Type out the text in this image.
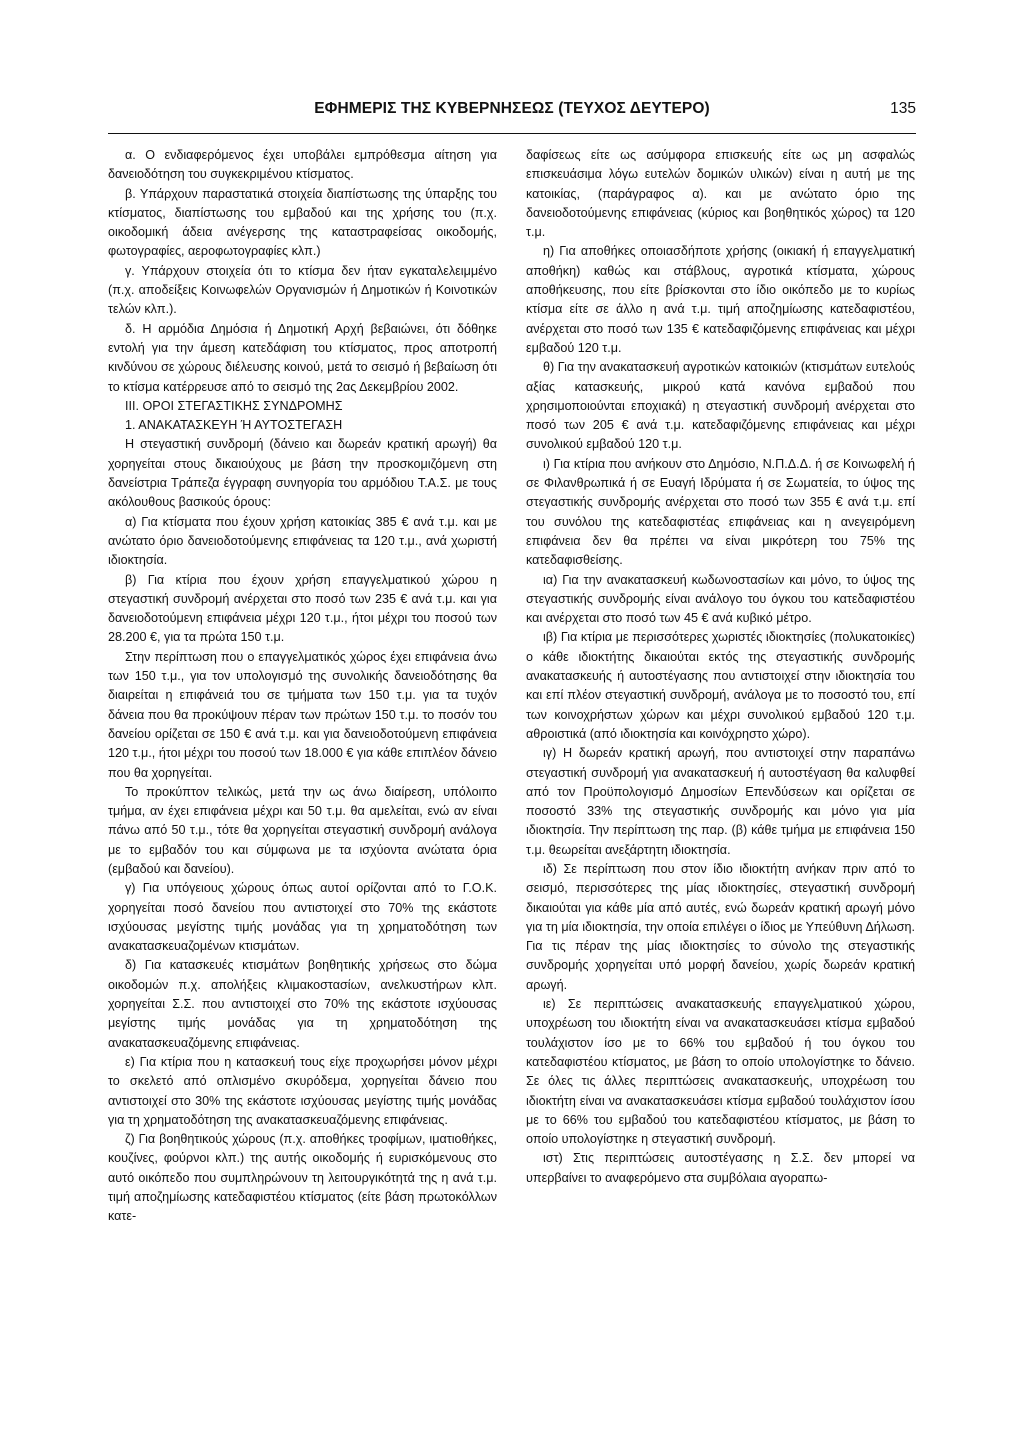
ΕΦΗΜΕΡΙΣ ΤΗΣ ΚΥΒΕΡΝΗΣΕΩΣ (ΤΕΥΧΟΣ ΔΕΥΤΕΡΟ)	135

α. Ο ενδιαφερόμενος έχει υποβάλει εμπρόθεσμα αίτηση για δανειοδότηση του συγκεκριμένου κτίσματος.

β. Υπάρχουν παραστατικά στοιχεία διαπίστωσης της ύπαρξης του κτίσματος, διαπίστωσης του εμβαδού και της χρήσης του (π.χ. οικοδομική άδεια ανέγερσης της καταστραφείσας οικοδομής, φωτογραφίες, αεροφωτογραφίες κλπ.)

γ. Υπάρχουν στοιχεία ότι το κτίσμα δεν ήταν εγκαταλελειμμένο (π.χ. αποδείξεις Κοινωφελών Οργανισμών ή Δημοτικών ή Κοινοτικών τελών κλπ.).

δ. Η αρμόδια Δημόσια ή Δημοτική Αρχή βεβαιώνει, ότι δόθηκε εντολή για την άμεση κατεδάφιση του κτίσματος, προς αποτροπή κινδύνου σε χώρους διέλευσης κοινού, μετά το σεισμό ή βεβαίωση ότι το κτίσμα κατέρρευσε από το σεισμό της 2ας Δεκεμβρίου 2002.

ΙΙΙ. ΟΡΟΙ ΣΤΕΓΑΣΤΙΚΗΣ ΣΥΝΔΡΟΜΗΣ

1. ΑΝΑΚΑΤΑΣΚΕΥΗ Ή ΑΥΤΟΣΤΕΓΑΣΗ

Η στεγαστική συνδρομή (δάνειο και δωρεάν κρατική αρωγή) θα χορηγείται στους δικαιούχους με βάση την προσκομιζόμενη στη δανείστρια Τράπεζα έγγραφη συνηγορία του αρμόδιου Τ.Α.Σ. με τους ακόλουθους βασικούς όρους:

α) Για κτίσματα που έχουν χρήση κατοικίας 385 € ανά τ.μ. και με ανώτατο όριο δανειοδοτούμενης επιφάνειας τα 120 τ.μ., ανά χωριστή ιδιοκτησία.

β) Για κτίρια που έχουν χρήση επαγγελματικού χώρου η στεγαστική συνδρομή ανέρχεται στο ποσό των 235 € ανά τ.μ. και για δανειοδοτούμενη επιφάνεια μέχρι 120 τ.μ., ήτοι μέχρι του ποσού των 28.200 €, για τα πρώτα 150 τ.μ.

Στην περίπτωση που ο επαγγελματικός χώρος έχει επιφάνεια άνω των 150 τ.μ., για τον υπολογισμό της συνολικής δανειοδότησης θα διαιρείται η επιφάνειά του σε τμήματα των 150 τ.μ. για τα τυχόν δάνεια που θα προκύψουν πέραν των πρώτων 150 τ.μ. το ποσόν του δανείου ορίζεται σε 150 € ανά τ.μ. και για δανειοδοτούμενη επιφάνεια 120 τ.μ., ήτοι μέχρι του ποσού των 18.000 € για κάθε επιπλέον δάνειο που θα χορηγείται.

Το προκύπτον τελικώς, μετά την ως άνω διαίρεση, υπόλοιπο τμήμα, αν έχει επιφάνεια μέχρι και 50 τ.μ. θα αμελείται, ενώ αν είναι πάνω από 50 τ.μ., τότε θα χορηγείται στεγαστική συνδρομή ανάλογα με το εμβαδόν του και σύμφωνα με τα ισχύοντα ανώτατα όρια (εμβαδού και δανείου).

γ) Για υπόγειους χώρους όπως αυτοί ορίζονται από το Γ.Ο.Κ. χορηγείται ποσό δανείου που αντιστοιχεί στο 70% της εκάστοτε ισχύουσας μεγίστης τιμής μονάδας για τη χρηματοδότηση των ανακατασκευαζομένων κτισμάτων.

δ) Για κατασκευές κτισμάτων βοηθητικής χρήσεως στο δώμα οικοδομών π.χ. απολήξεις κλιμακοστασίων, ανελκυστήρων κλπ. χορηγείται Σ.Σ. που αντιστοιχεί στο 70% της εκάστοτε ισχύουσας μεγίστης τιμής μονάδας για τη χρηματοδότηση της ανακατασκευαζόμενης επιφάνειας.

ε) Για κτίρια που η κατασκευή τους είχε προχωρήσει μόνον μέχρι το σκελετό από οπλισμένο σκυρόδεμα, χορηγείται δάνειο που αντιστοιχεί στο 30% της εκάστοτε ισχύουσας μεγίστης τιμής μονάδας για τη χρηματοδότηση της ανακατασκευαζόμενης επιφάνειας.

ζ) Για βοηθητικούς χώρους (π.χ. αποθήκες τροφίμων, ιματιοθήκες, κουζίνες, φούρνοι κλπ.) της αυτής οικοδομής ή ευρισκόμενους στο αυτό οικόπεδο που συμπληρώνουν τη λειτουργικότητά της η ανά τ.μ. τιμή αποζημίωσης κατεδαφιστέου κτίσματος (είτε βάση πρωτοκόλλων κατε-

δαφίσεως είτε ως ασύμφορα επισκευής είτε ως μη ασφαλώς επισκευάσιμα λόγω ευτελών δομικών υλικών) είναι η αυτή με της κατοικίας, (παράγραφος α). και με ανώτατο όριο της δανειοδοτούμενης επιφάνειας (κύριος και βοηθητικός χώρος) τα 120 τ.μ.

η) Για αποθήκες οποιασδήποτε χρήσης (οικιακή ή επαγγελματική αποθήκη) καθώς και στάβλους, αγροτικά κτίσματα, χώρους αποθήκευσης, που είτε βρίσκονται στο ίδιο οικόπεδο με το κυρίως κτίσμα είτε σε άλλο η ανά τ.μ. τιμή αποζημίωσης κατεδαφιστέου, ανέρχεται στο ποσό των 135 € κατεδαφιζόμενης επιφάνειας και μέχρι εμβαδού 120 τ.μ.

θ) Για την ανακατασκευή αγροτικών κατοικιών (κτισμάτων ευτελούς αξίας κατασκευής, μικρού κατά κανόνα εμβαδού που χρησιμοποιούνται εποχιακά) η στεγαστική συνδρομή ανέρχεται στο ποσό των 205 € ανά τ.μ. κατεδαφιζόμενης επιφάνειας και μέχρι συνολικού εμβαδού 120 τ.μ.

ι) Για κτίρια που ανήκουν στο Δημόσιο, Ν.Π.Δ.Δ. ή σε Κοινωφελή ή σε Φιλανθρωπικά ή σε Ευαγή Ιδρύματα ή σε Σωματεία, το ύψος της στεγαστικής συνδρομής ανέρχεται στο ποσό των 355 € ανά τ.μ. επί του συνόλου της κατεδαφιστέας επιφάνειας και η ανεγειρόμενη επιφάνεια δεν θα πρέπει να είναι μικρότερη του 75% της κατεδαφισθείσης.

ια) Για την ανακατασκευή κωδωνοστασίων και μόνο, το ύψος της στεγαστικής συνδρομής είναι ανάλογο του όγκου του κατεδαφιστέου και ανέρχεται στο ποσό των 45 € ανά κυβικό μέτρο.

ιβ) Για κτίρια με περισσότερες χωριστές ιδιοκτησίες (πολυκατοικίες) ο κάθε ιδιοκτήτης δικαιούται εκτός της στεγαστικής συνδρομής ανακατασκευής ή αυτοστέγασης που αντιστοιχεί στην ιδιοκτησία του και επί πλέον στεγαστική συνδρομή, ανάλογα με το ποσοστό του, επί των κοινοχρήστων χώρων και μέχρι συνολικού εμβαδού 120 τ.μ. αθροιστικά (από ιδιοκτησία και κοινόχρηστο χώρο).

ιγ) Η δωρεάν κρατική αρωγή, που αντιστοιχεί στην παραπάνω στεγαστική συνδρομή για ανακατασκευή ή αυτοστέγαση θα καλυφθεί από τον Προϋπολογισμό Δημοσίων Επενδύσεων και ορίζεται σε ποσοστό 33% της στεγαστικής συνδρομής και μόνο για μία ιδιοκτησία. Την περίπτωση της παρ. (β) κάθε τμήμα με επιφάνεια 150 τ.μ. θεωρείται ανεξάρτητη ιδιοκτησία.

ιδ) Σε περίπτωση που στον ίδιο ιδιοκτήτη ανήκαν πριν από το σεισμό, περισσότερες της μίας ιδιοκτησίες, στεγαστική συνδρομή δικαιούται για κάθε μία από αυτές, ενώ δωρεάν κρατική αρωγή μόνο για τη μία ιδιοκτησία, την οποία επιλέγει ο ίδιος με Υπεύθυνη Δήλωση. Για τις πέραν της μίας ιδιοκτησίες το σύνολο της στεγαστικής συνδρομής χορηγείται υπό μορφή δανείου, χωρίς δωρεάν κρατική αρωγή.

ιε) Σε περιπτώσεις ανακατασκευής επαγγελματικού χώρου, υποχρέωση του ιδιοκτήτη είναι να ανακατασκευάσει κτίσμα εμβαδού τουλάχιστον ίσο με το 66% του εμβαδού ή του όγκου του κατεδαφιστέου κτίσματος, με βάση το οποίο υπολογίστηκε το δάνειο. Σε όλες τις άλλες περιπτώσεις ανακατασκευής, υποχρέωση του ιδιοκτήτη είναι να ανακατασκευάσει κτίσμα εμβαδού τουλάχιστον ίσου με το 66% του εμβαδού του κατεδαφιστέου κτίσματος, με βάση το οποίο υπολογίστηκε η στεγαστική συνδρομή.

ιστ) Στις περιπτώσεις αυτοστέγασης η Σ.Σ. δεν μπορεί να υπερβαίνει το αναφερόμενο στα συμβόλαια αγοραπω-
